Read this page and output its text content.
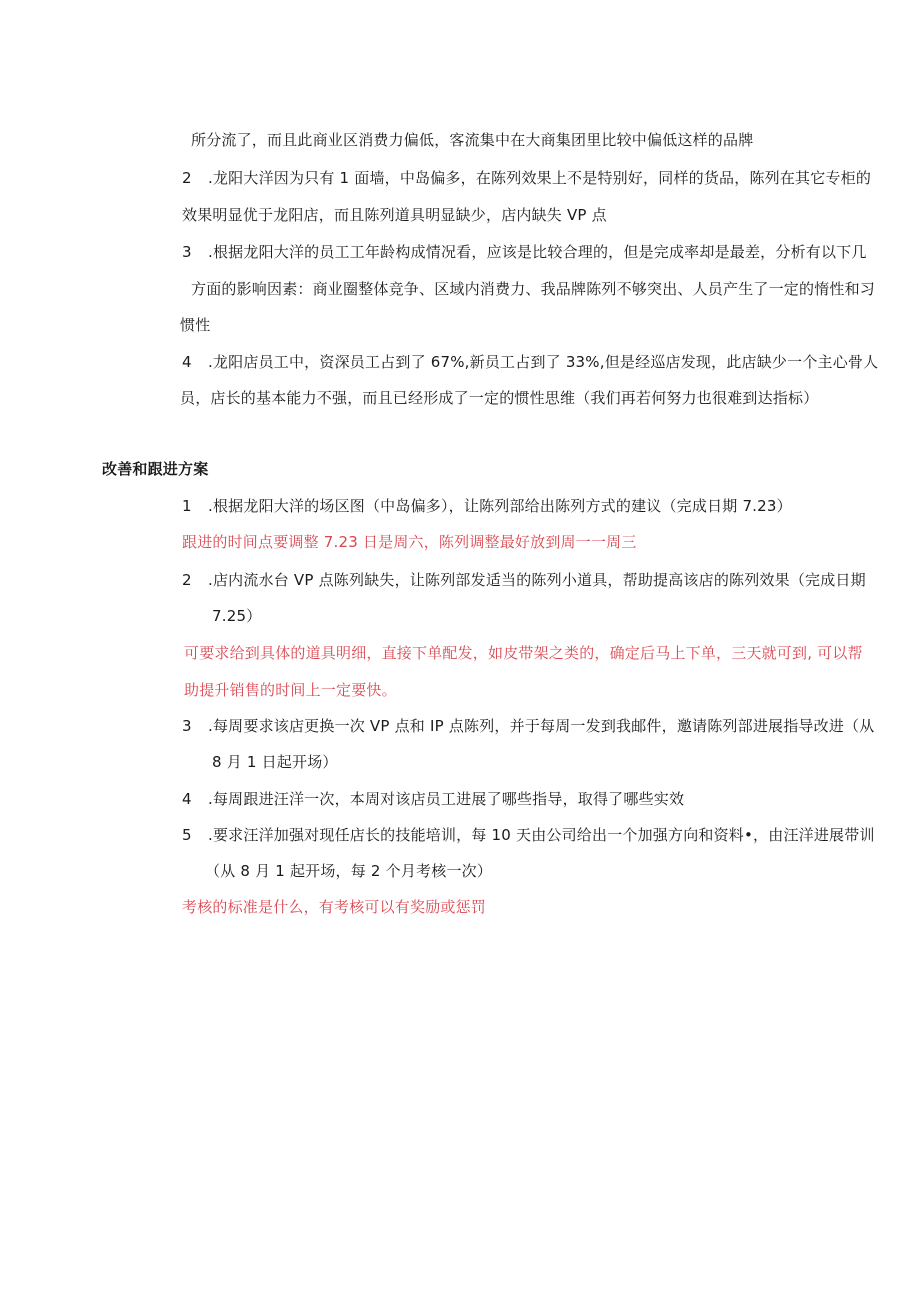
所分流了，而且此商业区消费力偏低，客流集中在大商集团里比较中偏低这样的品牌
2 .龙阳大洋因为只有 1 面墙，中岛偏多，在陈列效果上不是特别好，同样的货品，陈列在其它专柜的
效果明显优于龙阳店，而且陈列道具明显缺少，店内缺失 VP 点
3 .根据龙阳大洋的员工工年龄构成情况看，应该是比较合理的，但是完成率却是最差，分析有以下几
方面的影响因素：商业圈整体竞争、区域内消费力、我品牌陈列不够突出、人员产生了一定的惰性和习
惯性
4 .龙阳店员工中，资深员工占到了 67%,新员工占到了 33%,但是经巡店发现，此店缺少一个主心骨人
员，店长的基本能力不强，而且已经形成了一定的惯性思维（我们再若何努力也很难到达指标）
改善和跟进方案
1 .根据龙阳大洋的场区图（中岛偏多），让陈列部给出陈列方式的建议（完成日期 7.23）
跟进的时间点要调整 7.23 日是周六，陈列调整最好放到周一一周三
2 .店内流水台 VP 点陈列缺失，让陈列部发适当的陈列小道具，帮助提高该店的陈列效果（完成日期
7.25）
可要求给到具体的道具明细，直接下单配发，如皮带架之类的，确定后马上下单，三天就可到, 可以帮
助提升销售的时间上一定要快。
3 .每周要求该店更换一次 VP 点和 IP 点陈列，并于每周一发到我邮件，邀请陈列部进展指导改进（从
8 月 1 日起开场）
4 .每周跟进汪洋一次，本周对该店员工进展了哪些指导，取得了哪些实效
5 .要求汪洋加强对现任店长的技能培训，每 10 天由公司给出一个加强方向和资料•，由汪洋进展带训
（从 8 月 1 起开场，每 2 个月考核一次）
考核的标准是什么，有考核可以有奖励或惩罚
